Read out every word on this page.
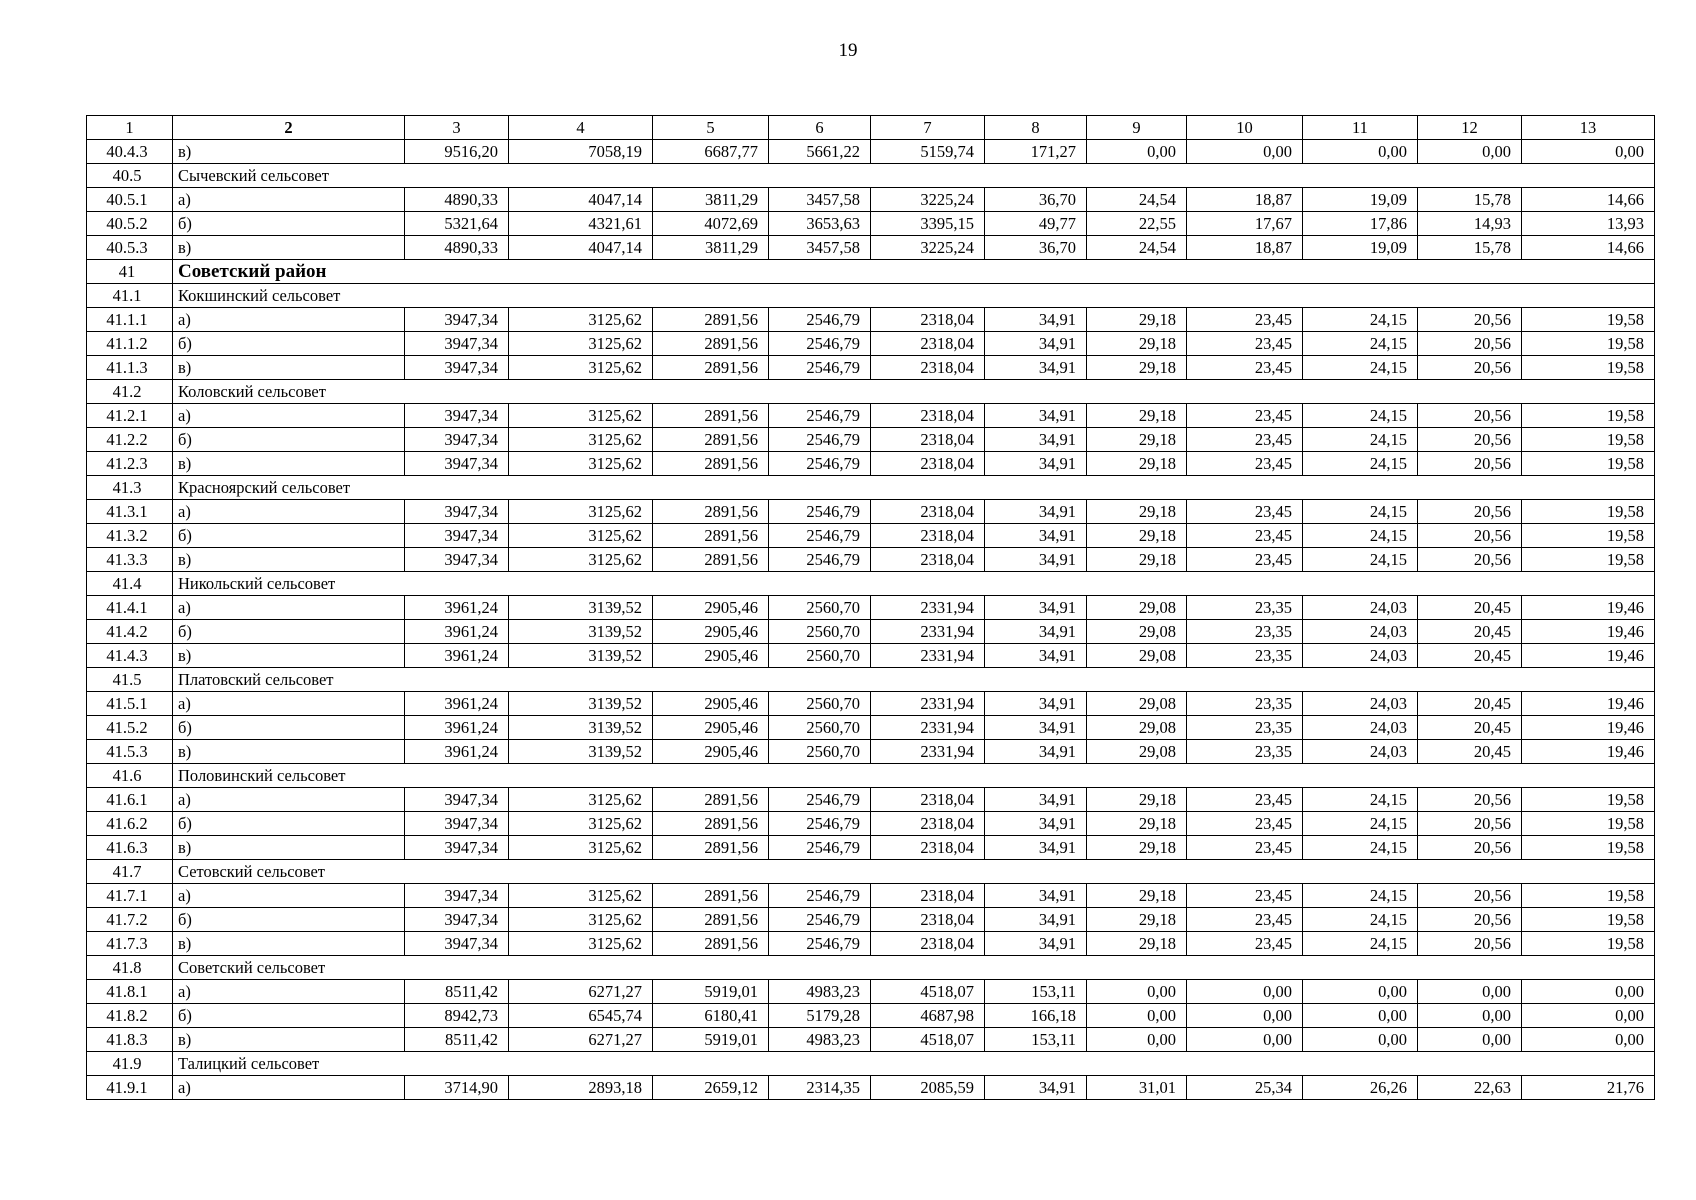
19
1	2	3	4	5	6	7	8	9	10	11	12	13
40.4.3	в)	9516,20	7058,19	6687,77	5661,22	5159,74	171,27	0,00	0,00	0,00	0,00	0,00
40.5	Сычевский сельсовет											
40.5.1	а)	4890,33	4047,14	3811,29	3457,58	3225,24	36,70	24,54	18,87	19,09	15,78	14,66
40.5.2	б)	5321,64	4321,61	4072,69	3653,63	3395,15	49,77	22,55	17,67	17,86	14,93	13,93
40.5.3	в)	4890,33	4047,14	3811,29	3457,58	3225,24	36,70	24,54	18,87	19,09	15,78	14,66
41	Советский район											
41.1	Кокшинский сельсовет											
41.1.1	а)	3947,34	3125,62	2891,56	2546,79	2318,04	34,91	29,18	23,45	24,15	20,56	19,58
41.1.2	б)	3947,34	3125,62	2891,56	2546,79	2318,04	34,91	29,18	23,45	24,15	20,56	19,58
41.1.3	в)	3947,34	3125,62	2891,56	2546,79	2318,04	34,91	29,18	23,45	24,15	20,56	19,58
41.2	Коловский сельсовет											
41.2.1	а)	3947,34	3125,62	2891,56	2546,79	2318,04	34,91	29,18	23,45	24,15	20,56	19,58
41.2.2	б)	3947,34	3125,62	2891,56	2546,79	2318,04	34,91	29,18	23,45	24,15	20,56	19,58
41.2.3	в)	3947,34	3125,62	2891,56	2546,79	2318,04	34,91	29,18	23,45	24,15	20,56	19,58
41.3	Красноярский сельсовет											
41.3.1	а)	3947,34	3125,62	2891,56	2546,79	2318,04	34,91	29,18	23,45	24,15	20,56	19,58
41.3.2	б)	3947,34	3125,62	2891,56	2546,79	2318,04	34,91	29,18	23,45	24,15	20,56	19,58
41.3.3	в)	3947,34	3125,62	2891,56	2546,79	2318,04	34,91	29,18	23,45	24,15	20,56	19,58
41.4	Никольский сельсовет											
41.4.1	а)	3961,24	3139,52	2905,46	2560,70	2331,94	34,91	29,08	23,35	24,03	20,45	19,46
41.4.2	б)	3961,24	3139,52	2905,46	2560,70	2331,94	34,91	29,08	23,35	24,03	20,45	19,46
41.4.3	в)	3961,24	3139,52	2905,46	2560,70	2331,94	34,91	29,08	23,35	24,03	20,45	19,46
41.5	Платовский сельсовет											
41.5.1	а)	3961,24	3139,52	2905,46	2560,70	2331,94	34,91	29,08	23,35	24,03	20,45	19,46
41.5.2	б)	3961,24	3139,52	2905,46	2560,70	2331,94	34,91	29,08	23,35	24,03	20,45	19,46
41.5.3	в)	3961,24	3139,52	2905,46	2560,70	2331,94	34,91	29,08	23,35	24,03	20,45	19,46
41.6	Половинский сельсовет											
41.6.1	а)	3947,34	3125,62	2891,56	2546,79	2318,04	34,91	29,18	23,45	24,15	20,56	19,58
41.6.2	б)	3947,34	3125,62	2891,56	2546,79	2318,04	34,91	29,18	23,45	24,15	20,56	19,58
41.6.3	в)	3947,34	3125,62	2891,56	2546,79	2318,04	34,91	29,18	23,45	24,15	20,56	19,58
41.7	Сетовский сельсовет											
41.7.1	а)	3947,34	3125,62	2891,56	2546,79	2318,04	34,91	29,18	23,45	24,15	20,56	19,58
41.7.2	б)	3947,34	3125,62	2891,56	2546,79	2318,04	34,91	29,18	23,45	24,15	20,56	19,58
41.7.3	в)	3947,34	3125,62	2891,56	2546,79	2318,04	34,91	29,18	23,45	24,15	20,56	19,58
41.8	Советский сельсовет											
41.8.1	а)	8511,42	6271,27	5919,01	4983,23	4518,07	153,11	0,00	0,00	0,00	0,00	0,00
41.8.2	б)	8942,73	6545,74	6180,41	5179,28	4687,98	166,18	0,00	0,00	0,00	0,00	0,00
41.8.3	в)	8511,42	6271,27	5919,01	4983,23	4518,07	153,11	0,00	0,00	0,00	0,00	0,00
41.9	Талицкий сельсовет											
41.9.1	а)	3714,90	2893,18	2659,12	2314,35	2085,59	34,91	31,01	25,34	26,26	22,63	21,76
